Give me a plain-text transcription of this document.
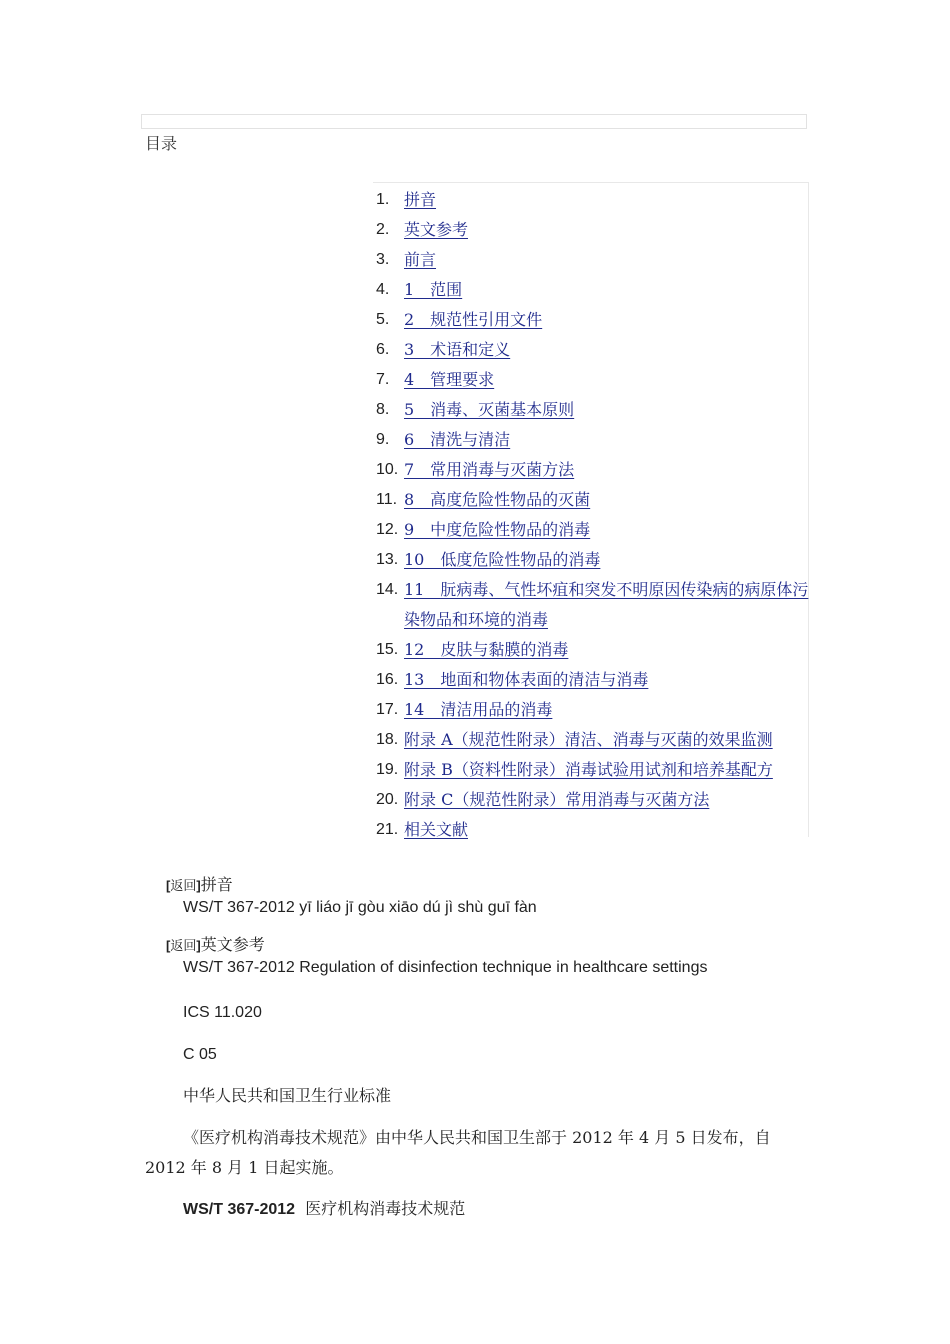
目录
1. 拼音
2. 英文参考
3. 前言
4. 1　范围
5. 2　规范性引用文件
6. 3　术语和定义
7. 4　管理要求
8. 5　消毒、灭菌基本原则
9. 6　清洗与清洁
10. 7　常用消毒与灭菌方法
11. 8　高度危险性物品的灭菌
12. 9　中度危险性物品的消毒
13. 10　低度危险性物品的消毒
14. 11　朊病毒、气性坏疽和突发不明原因传染病的病原体污染物品和环境的消毒
15. 12　皮肤与黏膜的消毒
16. 13　地面和物体表面的清洁与消毒
17. 14　清洁用品的消毒
18. 附录 A（规范性附录）清洁、消毒与灭菌的效果监测
19. 附录 B（资料性附录）消毒试验用试剂和培养基配方
20. 附录 C（规范性附录）常用消毒与灭菌方法
21. 相关文献
[返回]拼音
WS/T 367-2012 yī liáo jī gòu xiāo dú jì shù guī fàn
[返回]英文参考
WS/T 367-2012 Regulation of disinfection technique in healthcare settings
ICS 11.020
C 05
中华人民共和国卫生行业标准
《医疗机构消毒技术规范》由中华人民共和国卫生部于 2012 年 4 月 5 日发布，自 2012 年 8 月 1 日起实施。
WS/T 367-2012 医疗机构消毒技术规范
